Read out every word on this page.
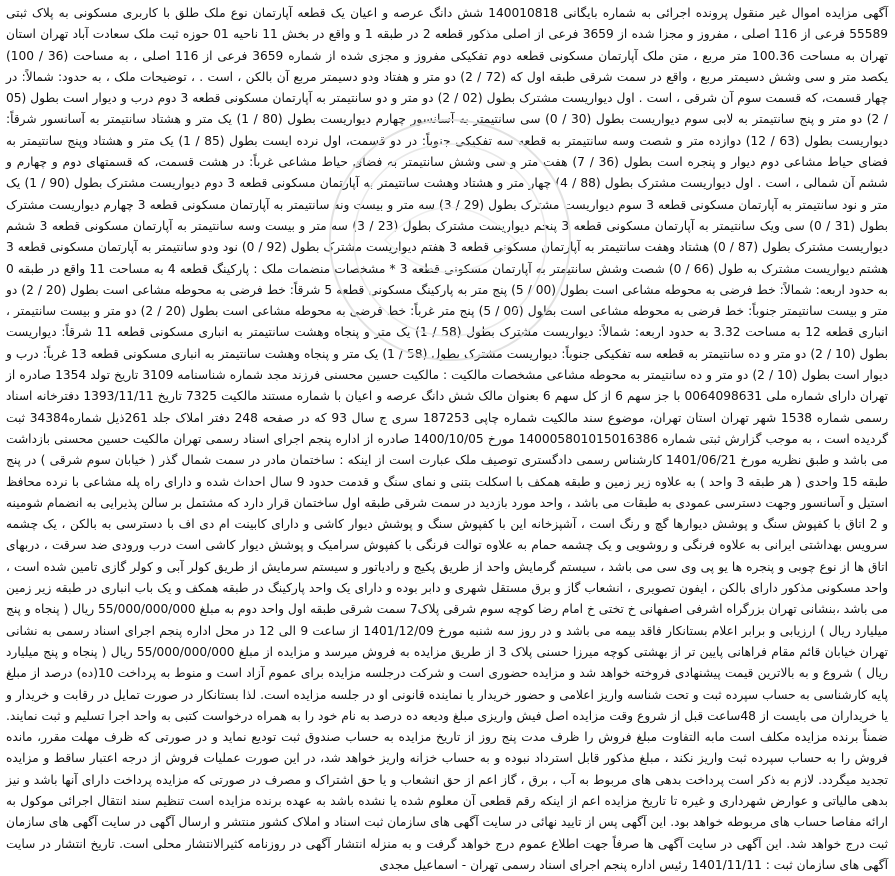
آگهی مزایده اموال غیر منقول پرونده اجرائی به شماره بایگانی 140010818 شش دانگ عرصه و اعیان یک قطعه آپارتمان نوع ملک طلق با کاربری مسکونی به پلاک ثبتی 55589 فرعی از 116 اصلی ، مفروز و مجزا شده از 3659 فرعی از اصلی مذکور قطعه 2 در طبقه 1 و واقع در بخش 11 ناحیه 01 حوزه ثبت ملک سعادت آباد تهران استان تهران به مساحت 100.36 متر مربع ، متن ملک آپارتمان مسکونی قطعه دوم تفکیکی مفروز و مجزی شده از شماره 3659 فرعی از 116 اصلی ، به مساحت (36 / 100) یکصد متر و سی وشش دسیمتر مربع ، واقع در سمت شرقی طبقه اول که (72 / 2) دو متر و هفتاد ودو دسیمتر مربع آن بالکن ، است . ، توضیحات ملک ، به حدود: شمالاً: در چهار قسمت، که قسمت سوم آن شرقی ، است . اول دیواریست مشترک بطول (02 / 2) دو متر و دو سانتیمتر به آپارتمان مسکونی قطعه 3 دوم درب و دیوار است بطول (05 / 2) دو متر و پنج سانتیمتر به لابی سوم دیواریست بطول (30 / 0) سی سانتیمتر به آسانسور چهارم دیواریست بطول (80 / 1) یک متر و هشتاد سانتیمتر به آسانسور شرقاً: دیواریست بطول (63 / 12) دوازده متر و شصت وسه سانتیمتر به قطعه سه تفکیکی جنوباً: در دو قسمت، اول نرده ایست بطول (85 / 1) یک متر و هشتاد وپنج سانتیمتر به فضای حیاط مشاعی دوم دیوار و پنجره است بطول (36 / 7) هفت متر و سی وشش سانتیمتر به فضای حیاط مشاعی غرباً: در هشت قسمت، که قسمتهای دوم و چهارم و ششم آن شمالی ، است . اول دیواریست مشترک بطول (88 / 4) چهار متر و هشتاد وهشت سانتیمتر به آپارتمان مسکونی قطعه 3 دوم دیواریست مشترک بطول (90 / 1) یک متر و نود سانتیمتر به آپارتمان مسکونی قطعه 3 سوم دیواریست مشترک بطول (29 / 3) سه متر و بیست ونه سانتیمتر به آپارتمان مسکونی قطعه 3 چهارم دیواریست مشترک بطول (31 / 0) سی ویک سانتیمتر به آپارتمان مسکونی قطعه 3 پنجم دیواریست مشترک بطول (23 / 3) سه متر و بیست وسه سانتیمتر به آپارتمان مسکونی قطعه 3 ششم دیواریست مشترک بطول (87 / 0) هشتاد وهفت سانتیمتر به آپارتمان مسکونی قطعه 3 هفتم دیواریست مشترک بطول (92 / 0) نود ودو سانتیمتر به آپارتمان مسکونی قطعه 3 هشتم دیواریست مشترک به طول (66 / 0) شصت وشش سانتیمتر به آپارتمان مسکونی قطعه 3 * مشخصات منضمات ملک : پارکینگ قطعه 4 به مساحت 11 واقع در طبقه 0 به حدود اربعه: شمالاً: خط فرضی به محوطه مشاعی است بطول (00 / 5) پنج متر به پارکینگ مسکونی قطعه 5 شرقاً: خط فرضی به محوطه مشاعی است بطول (20 / 2) دو متر و بیست سانتیمتر جنوباً: خط فرضی به محوطه مشاعی است بطول (00 / 5) پنج متر غرباً: خط فرضی به محوطه مشاعی است بطول (20 / 2) دو متر و بیست سانتیمتر ، انباری قطعه 12 به مساحت 3.32 به حدود اربعه: شمالاً: دیواریست مشترک بطول (58 / 1) یک متر و پنجاه وهشت سانتیمتر به انباری مسکونی قطعه 11 شرقاً: دیواریست بطول (10 / 2) دو متر و ده سانتیمتر به قطعه سه تفکیکی جنوباً: دیواریست مشترک بطول (58 / 1) یک متر و پنجاه وهشت سانتیمتر به انباری مسکونی قطعه 13 غرباً: درب و دیوار است بطول (10 / 2) دو متر و ده سانتیمتر به محوطه مشاعی مشخصات مالکیت : مالکیت حسین محسنی فرزند مجد شماره شناسنامه 3109 تاریخ تولد 1354 صادره از تهران دارای شماره ملی 0064098631 با جز سهم 6 از کل سهم 6 بعنوان مالک شش دانگ عرصه و اعیان با شماره مستند مالکیت 7325 تاریخ 1393/11/11 دفترخانه اسناد رسمی شماره 1538 شهر تهران استان تهران، موضوع سند مالکیت شماره چاپی 187253 سری ج سال 93 که در صفحه 248 دفتر املاک جلد 261ذیل شماره34384 ثبت گردیده است ، به موجب گزارش ثبتی شماره 140005801015016386 مورخ 1400/10/05 صادره از اداره پنجم اجرای اسناد رسمی تهران مالکیت حسین محسنی بازداشت می باشد و طبق نظریه مورخ 1401/06/21 کارشناس رسمی دادگستری توصیف ملک عبارت است از اینکه : ساختمان مادر در سمت شمال گذر ( خیابان سوم شرقی ) در پنج طبقه 15 واحدی ( هر طبقه 3 واحد ) به علاوه زیر زمین و طبقه همکف با اسکلت بتنی و نمای سنگ و قدمت حدود 9 سال احداث شده و دارای راه پله مشاعی با نرده محافظ استیل و آسانسور وجهت دسترسی عمودی به طبقات می باشد ، واحد مورد بازدید در سمت شرقی طبقه اول ساختمان قرار دارد که مشتمل بر سالن پذیرایی به انضمام شومینه و 2 اتاق با کفپوش سنگ و پوشش دیوارها گچ و رنگ است ، آشپزخانه این با کفپوش سنگ و پوشش دیوار کاشی و دارای کابینت ام دی اف با دسترسی به بالکن ، یک چشمه سرویس بهداشتی ایرانی به علاوه فرنگی و روشویی و یک چشمه حمام به علاوه توالت فرنگی با کفپوش سرامیک و پوشش دیوار کاشی است درب ورودی ضد سرقت ، دربهای اتاق ها از نوع چوبی و پنجره ها یو پی وی سی می باشد ، سیستم گرمایش واحد از طریق پکیج و رادیاتور و سیستم سرمایش از طریق کولر آبی و کولر گازی تامین شده است ، واحد مسکونی مذکور دارای بالکن ، ایفون تصویری ، انشعاب گاز و برق مستقل شهری و دابر بوده و دارای یک واحد پارکینگ در طبقه همکف و یک باب انباری در طبقه زیر زمین می باشد ،بنشانی تهران بزرگراه اشرفی اصفهانی خ تختی خ امام رضا کوچه سوم شرقی پلاک7 سمت شرقی طبقه اول واحد دوم به مبلغ 55/000/000/000 ریال ( پنجاه و پنج میلیارد ریال ) ارزیابی و برابر اعلام بستانکار فاقد بیمه می باشد و در روز سه شنبه مورخ 1401/12/09 از ساعت 9 الی 12 در محل اداره پنجم اجرای اسناد رسمی به نشانی تهران خیابان قائم مقام فراهانی پایین تر از بهشتی کوچه میرزا حسنی پلاک 3 از طریق مزایده به فروش میرسد و مزایده از مبلغ 55/000/000/000 ریال ( پنجاه و پنج میلیارد ریال ) شروع و به بالاترین قیمت پیشنهادی فروخته خواهد شد و مزایده حضوری است و شرکت درجلسه مزایده برای عموم آزاد است و منوط به پرداخت 10(ده) درصد از مبلغ پایه کارشناسی به حساب سپرده ثبت و تحت شناسه واریز اعلامی و حضور خریدار یا نماینده قانونی او در جلسه مزایده است. لذا بستانکار در صورت تمایل در رقابت و خریدار و یا خریداران می بایست از 48ساعت قبل از شروع وقت مزایده اصل فیش واریزی مبلغ ودیعه ده درصد به نام خود را به همراه درخواست کتبی به واحد اجرا تسلیم و ثبت نمایند. ضمناً برنده مزایده مکلف است مابه التفاوت مبلغ فروش را ظرف مدت پنج روز از تاریخ مزایده به حساب صندوق ثبت تودیع نماید و در صورتی که ظرف مهلت مقرر، مانده فروش را به حساب سپرده ثبت واریز نکند ، مبلغ مذکور قابل استرداد نبوده و به حساب خزانه واریز خواهد شد، در این صورت عملیات فروش از درجه اعتبار ساقط و مزایده تجدید میگردد. لازم به ذکر است پرداخت بدهی های مربوط به آب ، برق ، گاز اعم از حق انشعاب و یا حق اشتراک و مصرف در صورتی که مزایده پرداخت دارای آنها باشد و نیز بدهی مالیاتی و عوارض شهرداری و غیره تا تاریخ مزایده اعم از اینکه رقم قطعی آن معلوم شده یا نشده باشد به عهده برنده مزایده است تنظیم سند انتقال اجرائی موکول به ارائه مفاصا حساب های مربوطه خواهد بود. این آگهی پس از تایید نهائی در سایت آگهی های سازمان ثبت اسناد و املاک کشور منتشر و ارسال آگهی در سایت آگهی های سازمان ثبت درج خواهد شد. این آگهی در سایت آگهی ها صرفاً جهت اطلاع عموم درج خواهد گرفت و به منزله انتشار آگهی در روزنامه کثیرالانتشار محلی است. تاریخ انتشار در سایت آگهی های سازمان ثبت : 1401/11/11 رئیس اداره پنجم اجرای اسناد رسمی تهران - اسماعیل مجدی
